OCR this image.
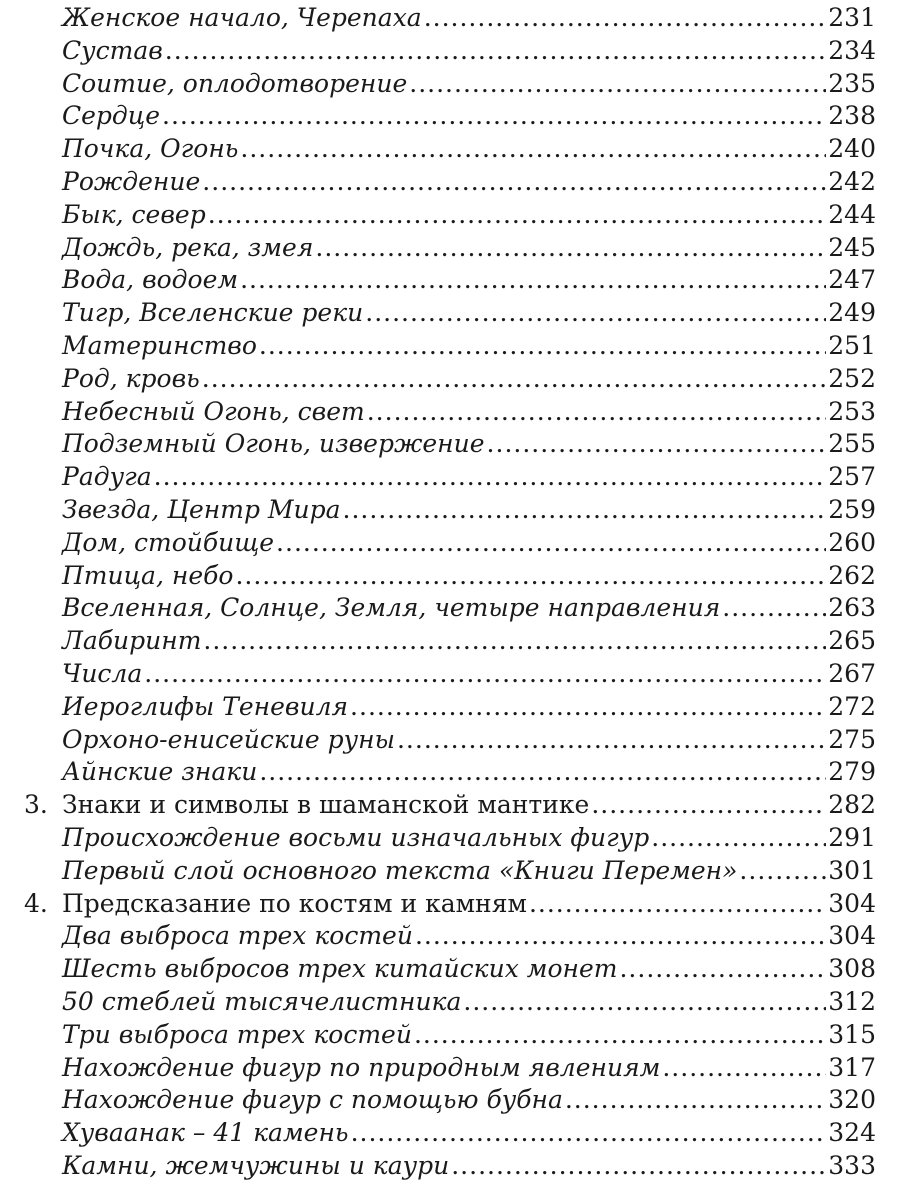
Женское начало, Черепаха .....	231
Сустав .....	234
Соитие, оплодотворение .....	235
Сердце .....	238
Почка, Огонь .....	240
Рождение .....	242
Бык, север .....	244
Дождь, река, змея .....	245
Вода, водоем .....	247
Тигр, Вселенские реки .....	249
Материнство .....	251
Род, кровь .....	252
Небесный Огонь, свет .....	253
Подземный Огонь, извержение .....	255
Радуга .....	257
Звезда, Центр Мира .....	259
Дом, стойбище .....	260
Птица, небо .....	262
Вселенная, Солнце, Земля, четыре направления .....	263
Лабиринт .....	265
Числа .....	267
Иероглифы Теневиля .....	272
Орхоно-енисейские руны .....	275
Айнские знаки .....	279
3. Знаки и символы в шаманской мантике .....	282
Происхождение восьми изначальных фигур .....	291
Первый слой основного текста «Книги Перемен» .....	301
4. Предсказание по костям и камням .....	304
Два выброса трех костей .....	304
Шесть выбросов трех китайских монет .....	308
50 стеблей тысячелистника .....	312
Три выброса трех костей .....	315
Нахождение фигур по природным явлениям .....	317
Нахождение фигур с помощью бубна .....	320
Хуваанак – 41 камень .....	324
Камни, жемчужины и каури .....	333
